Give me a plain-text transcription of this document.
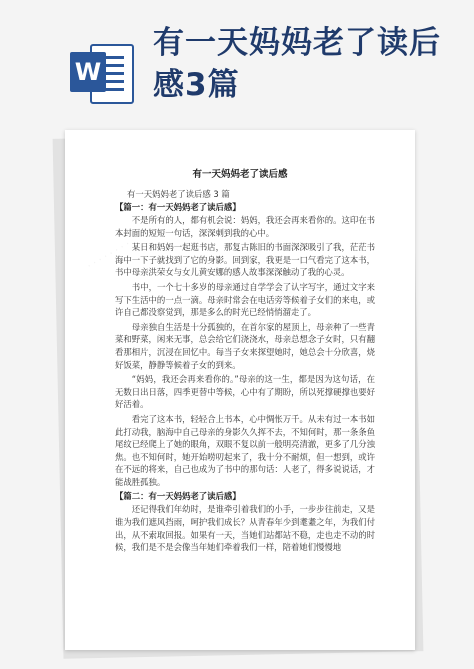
W
有一天妈妈老了读后感3篇
· · · · · · · ·
有一天妈妈老了读后感

有一天妈妈老了读后感 3 篇

【篇一：有一天妈妈老了读后感】

不是所有的人，都有机会说：妈妈，我还会再来看你的。这印在书本封面的短短一句话，深深刺到我的心中。

某日和妈妈一起逛书店，那复古陈旧的书面深深吸引了我，茫茫书海中一下子就找到了它的身影。回到家，我更是一口气看完了这本书，书中母亲洪荣女与女儿黄安娜的感人故事深深触动了我的心灵。

书中，一个七十多岁的母亲通过自学学会了认字写字，通过文字来写下生活中的一点一滴。母亲时常会在电话旁等候着子女们的来电，或许自己都没察觉到，那是多么的时光已经悄悄溜走了。

母亲独自生活是十分孤独的，在首尔家的屋顶上，母亲种了一些青菜和野菜，闲来无事，总会给它们浇浇水，母亲总想念子女时，只有翻看那相片，沉浸在回忆中。每当子女来探望她时，她总会十分欣喜，烧好饭菜，静静等候着子女的到来。

“妈妈，我还会再来看你的。”母亲的这一生，都是因为这句话，在无数日出日落，四季更替中等候，心中有了期盼，所以死撑硬撑也要好好活着。

看完了这本书，轻轻合上书本，心中惆怅万千。从未有过一本书如此打动我，脑海中自己母亲的身影久久挥不去，不知何时，那一条条鱼尾纹已经爬上了她的眼角，双眼不复以前一般明亮清澈，更多了几分浊焦。也不知何时，她开始唠叨起来了，我十分不耐烦，但一想到，或许在不远的将来，自己也成为了书中的那句话：人老了，得多说说话，才能战胜孤独。

【篇二：有一天妈妈老了读后感】

还记得我们年幼时，是谁牵引着我们的小手，一步步往前走，又是谁为我们遮风挡雨，呵护我们成长？从青春年少到耄耋之年，为我们付出，从不索取回报。如果有一天，当她们站都站不稳，走也走不动的时候，我们是不是会像当年她们牵着我们一样，陪着她们慢慢地
